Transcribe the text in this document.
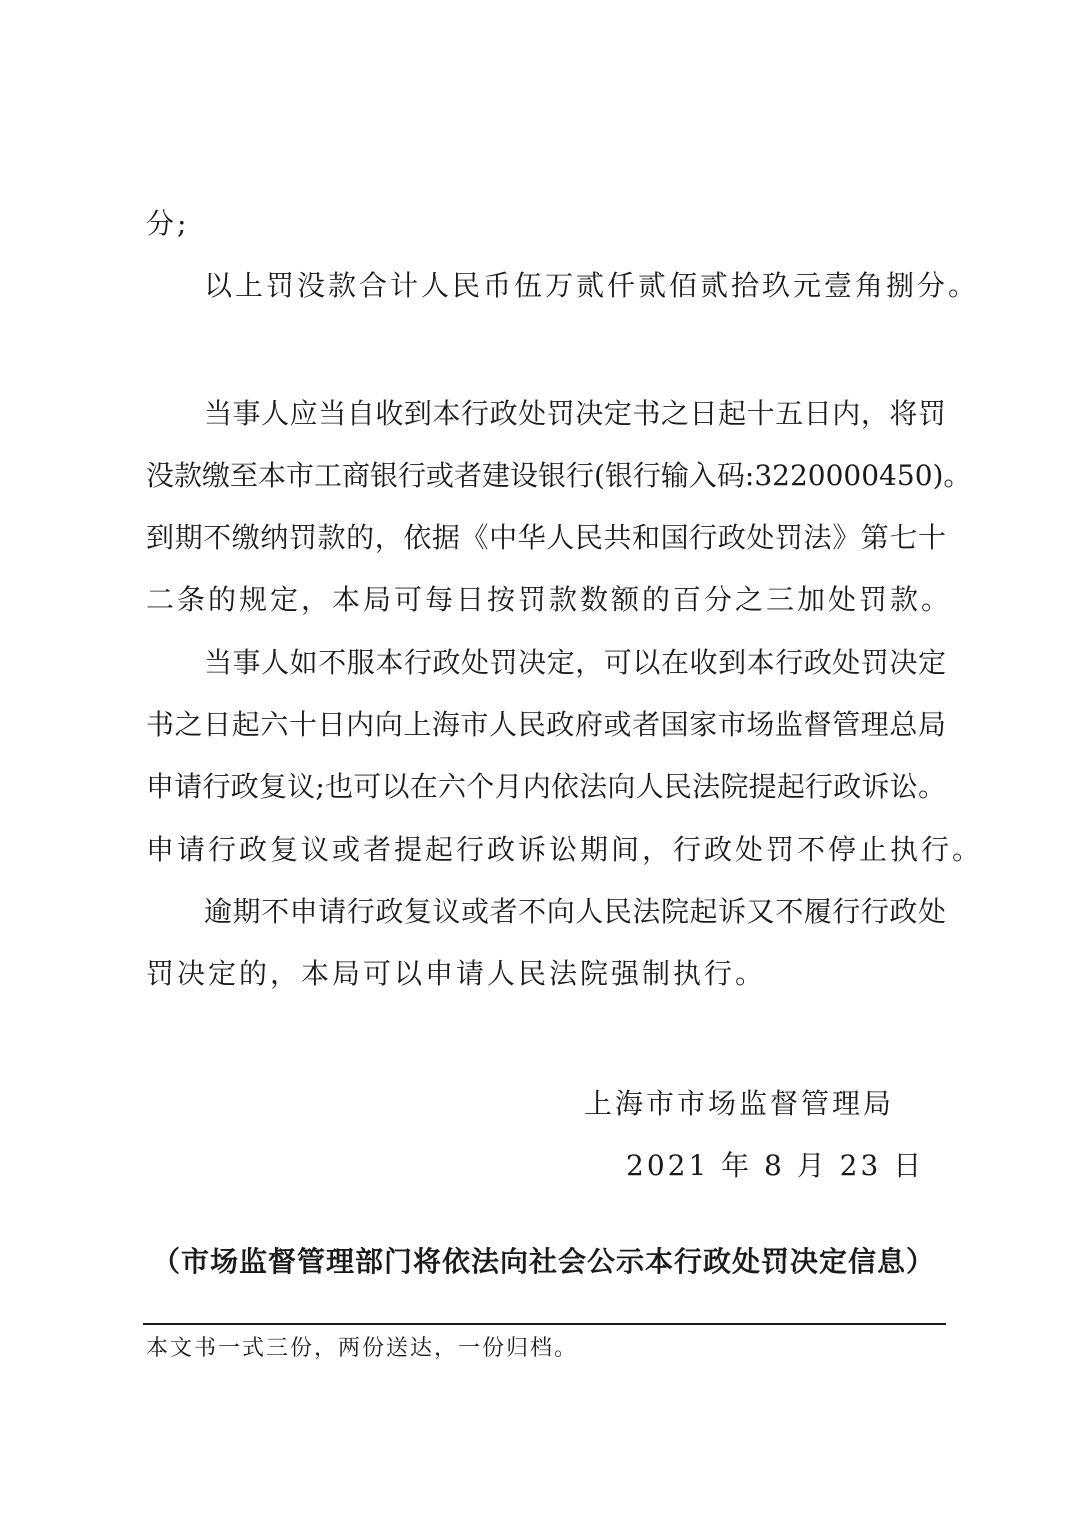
分;
以上罚没款合计人民币伍万贰仟贰佰贰拾玖元壹角捌分。
当事人应当自收到本行政处罚决定书之日起十五日内，将罚
没款缴至本市工商银行或者建设银行(银行输入码:3220000450)。
到期不缴纳罚款的，依据《中华人民共和国行政处罚法》第七十
二条的规定，本局可每日按罚款数额的百分之三加处罚款。
当事人如不服本行政处罚决定，可以在收到本行政处罚决定
书之日起六十日内向上海市人民政府或者国家市场监督管理总局
申请行政复议;也可以在六个月内依法向人民法院提起行政诉讼。
申请行政复议或者提起行政诉讼期间，行政处罚不停止执行。
逾期不申请行政复议或者不向人民法院起诉又不履行行政处
罚决定的，本局可以申请人民法院强制执行。
上海市市场监督管理局
2021 年 8 月 23 日
（市场监督管理部门将依法向社会公示本行政处罚决定信息）
本文书一式三份，两份送达，一份归档。
